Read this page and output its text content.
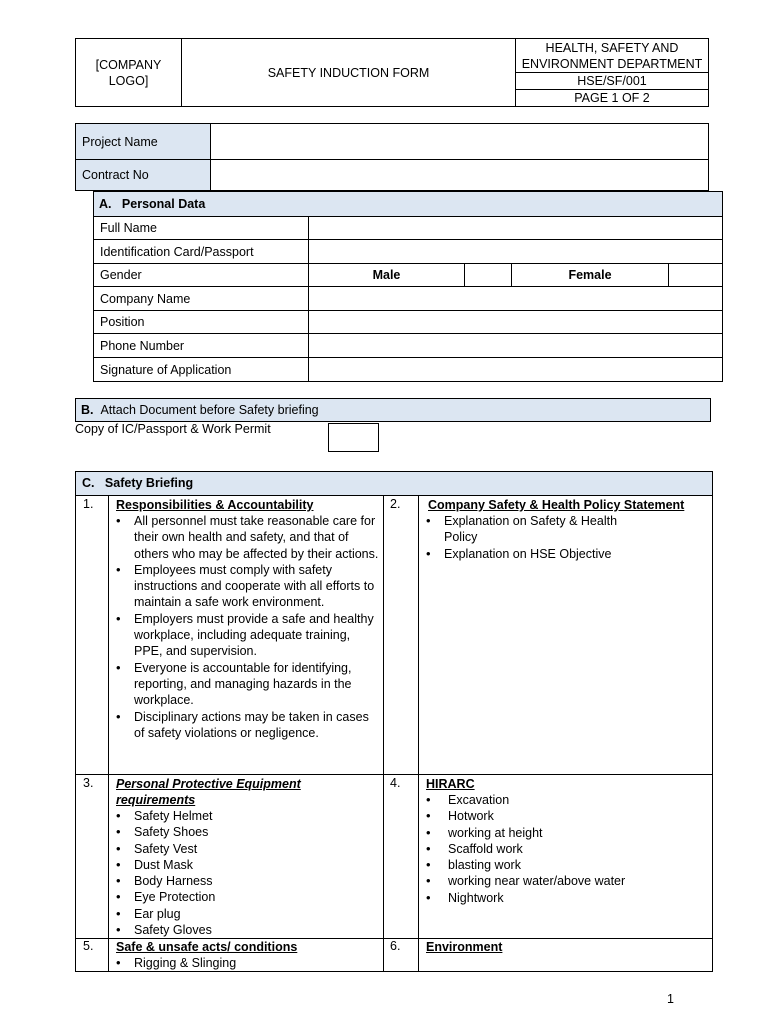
[COMPANY LOGO]	SAFETY INDUCTION FORM	HEALTH, SAFETY AND ENVIRONMENT DEPARTMENT
HSE/SF/001
PAGE 1 OF 2
Project Name	
Contract No	
A. Personal Data				
Full Name				
Identification Card/Passport				
Gender	Male		Female	
Company Name				
Position				
Phone Number				
Signature of Application				
B. Attach Document before Safety briefing
Copy of IC/Passport & Work Permit
C. Safety Briefing
1.	Responsibilities & Accountability
• All personnel must take reasonable care for their own health and safety, and that of others who may be affected by their actions.
• Employees must comply with safety instructions and cooperate with all efforts to maintain a safe work environment.
• Employers must provide a safe and healthy workplace, including adequate training, PPE, and supervision.
• Everyone is accountable for identifying, reporting, and managing hazards in the workplace.
• Disciplinary actions may be taken in cases of safety violations or negligence.
2.	Company Safety & Health Policy Statement
• Explanation on Safety & Health Policy
• Explanation on HSE Objective
3.	Personal Protective Equipment requirements
• Safety Helmet
• Safety Shoes
• Safety Vest
• Dust Mask
• Body Harness
• Eye Protection
• Ear plug
• Safety Gloves
4.	HIRARC
• Excavation
• Hotwork
• working at height
• Scaffold work
• blasting work
• working near water/above water
• Nightwork
5.	Safe & unsafe acts/ conditions
• Rigging & Slinging
6.	Environment
1
